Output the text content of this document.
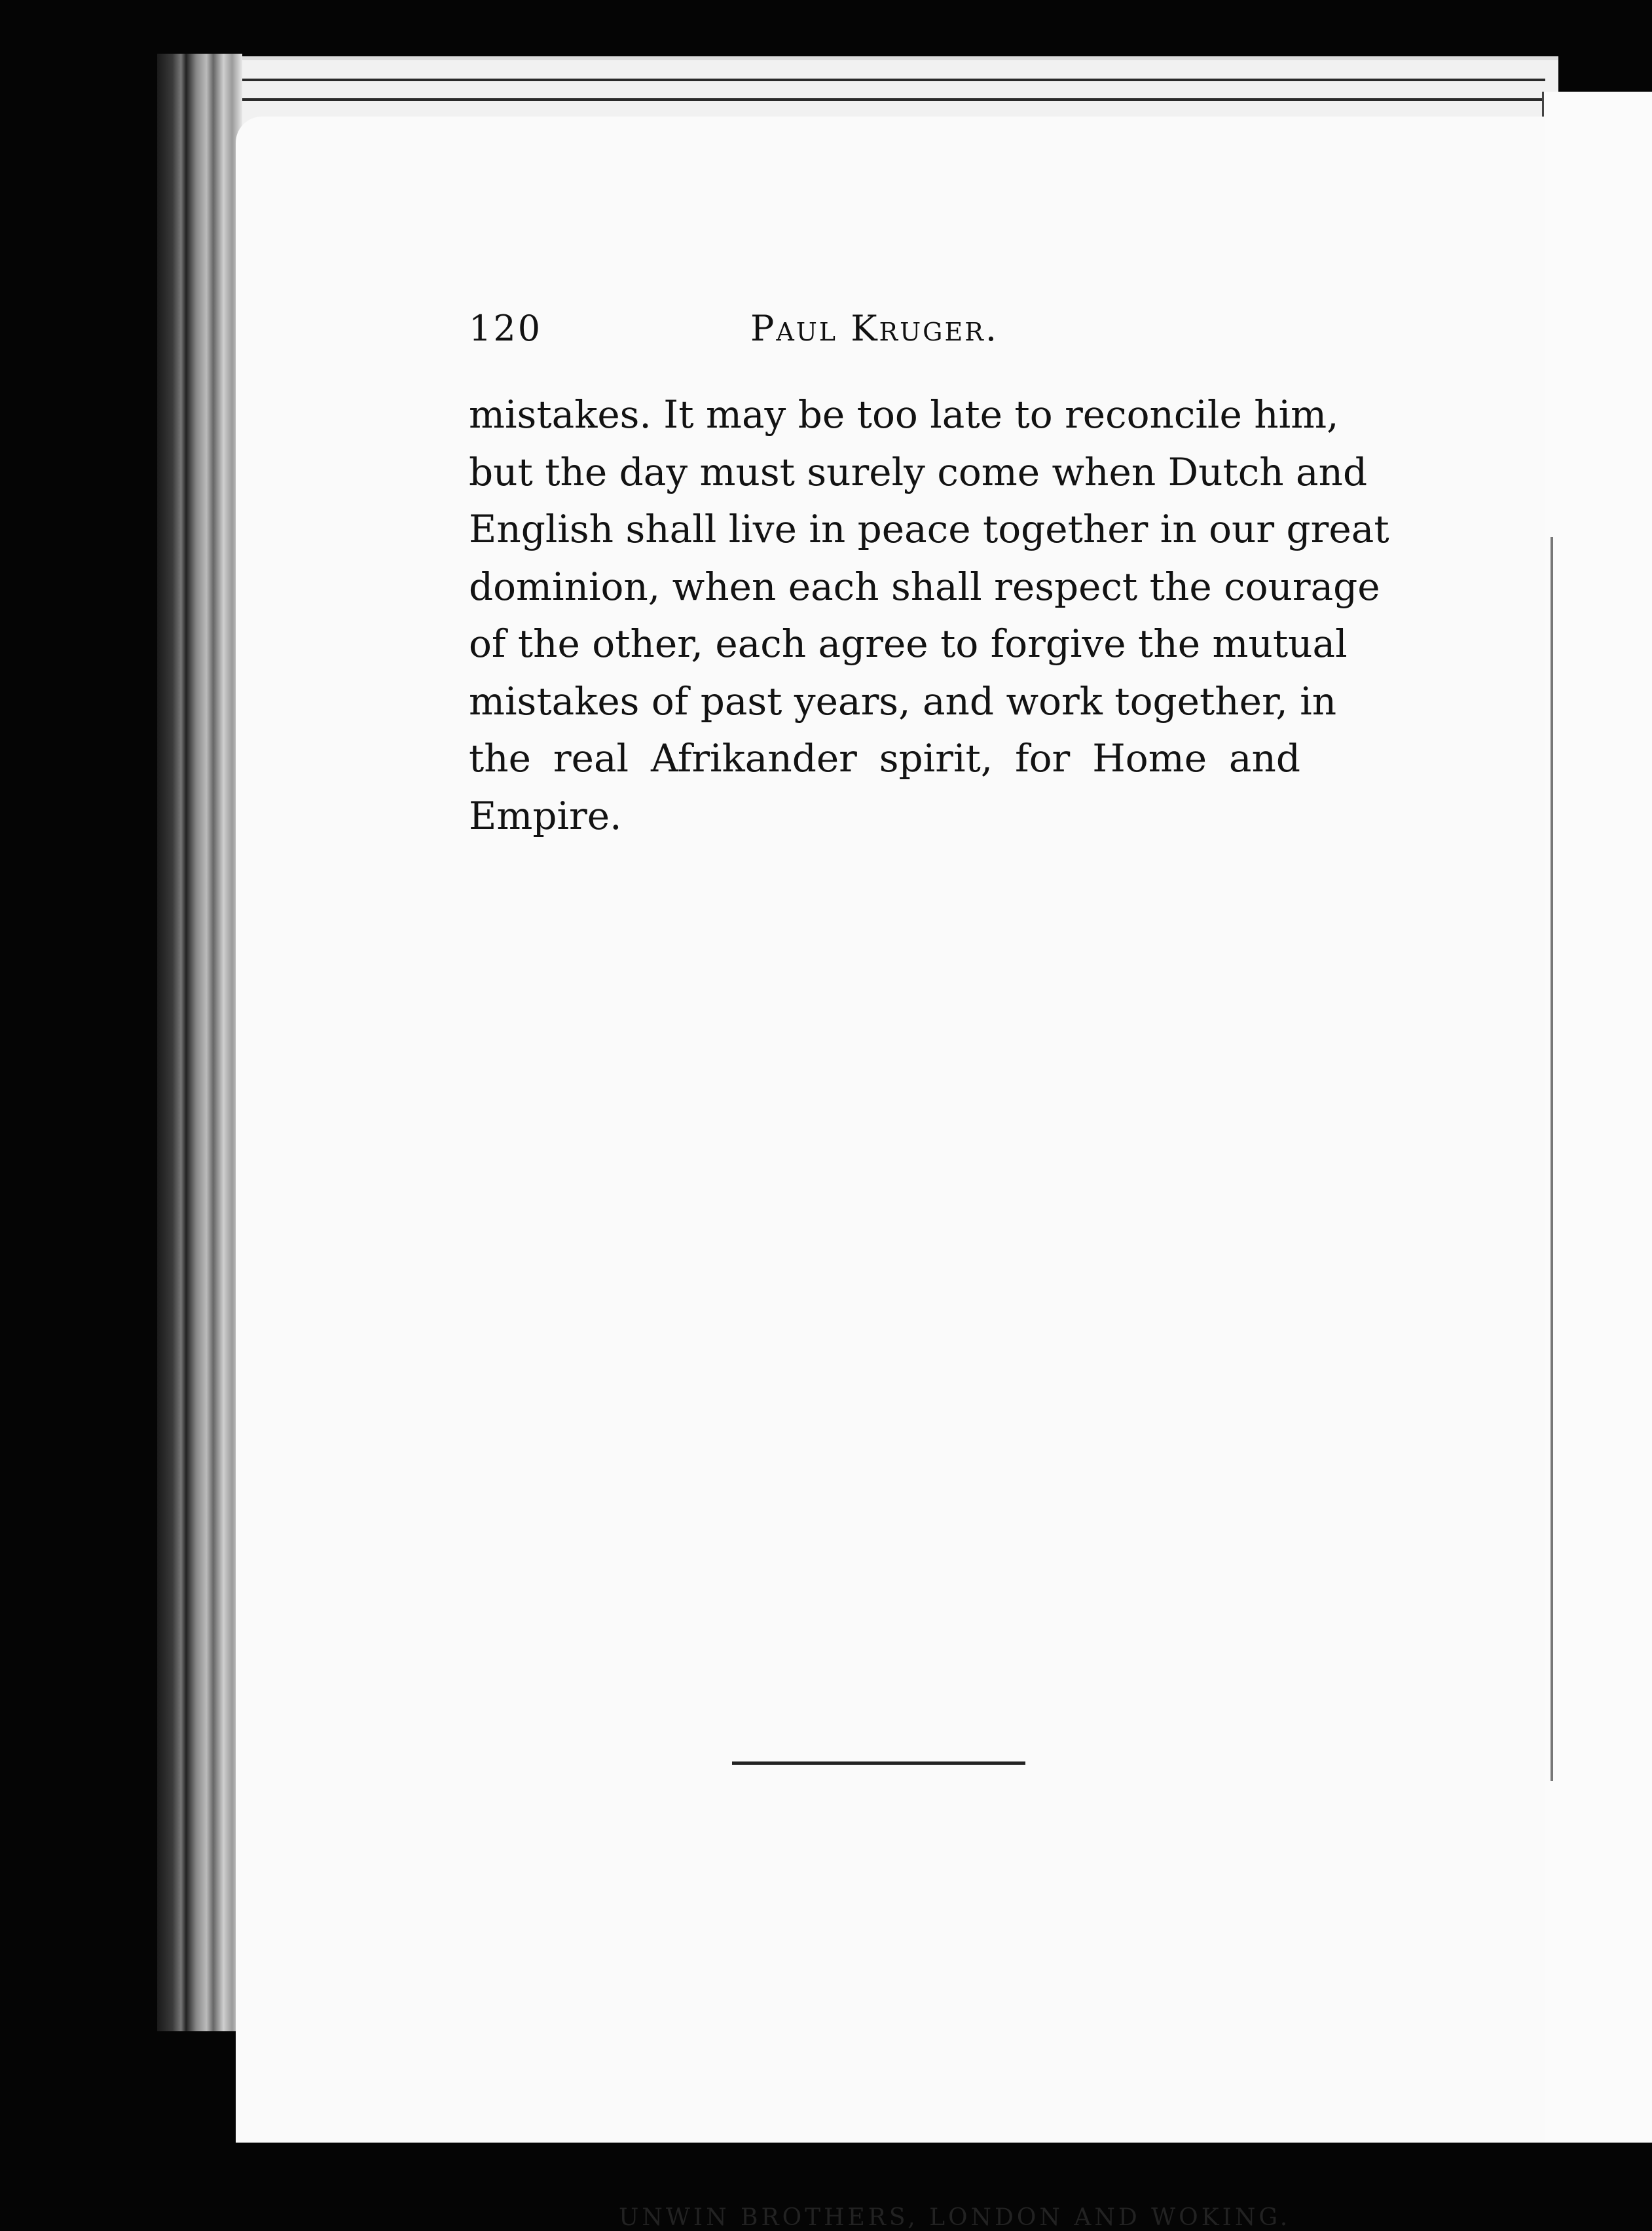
120	Paul Kruger.
mistakes. It may be too late to reconcile him,
but the day must surely come when Dutch and
English shall live in peace together in our great
dominion, when each shall respect the courage
of the other, each agree to forgive the mutual
mistakes of past years, and work together, in
the real Afrikander spirit, for Home and
Empire.
UNWIN BROTHERS, LONDON AND WOKING.
